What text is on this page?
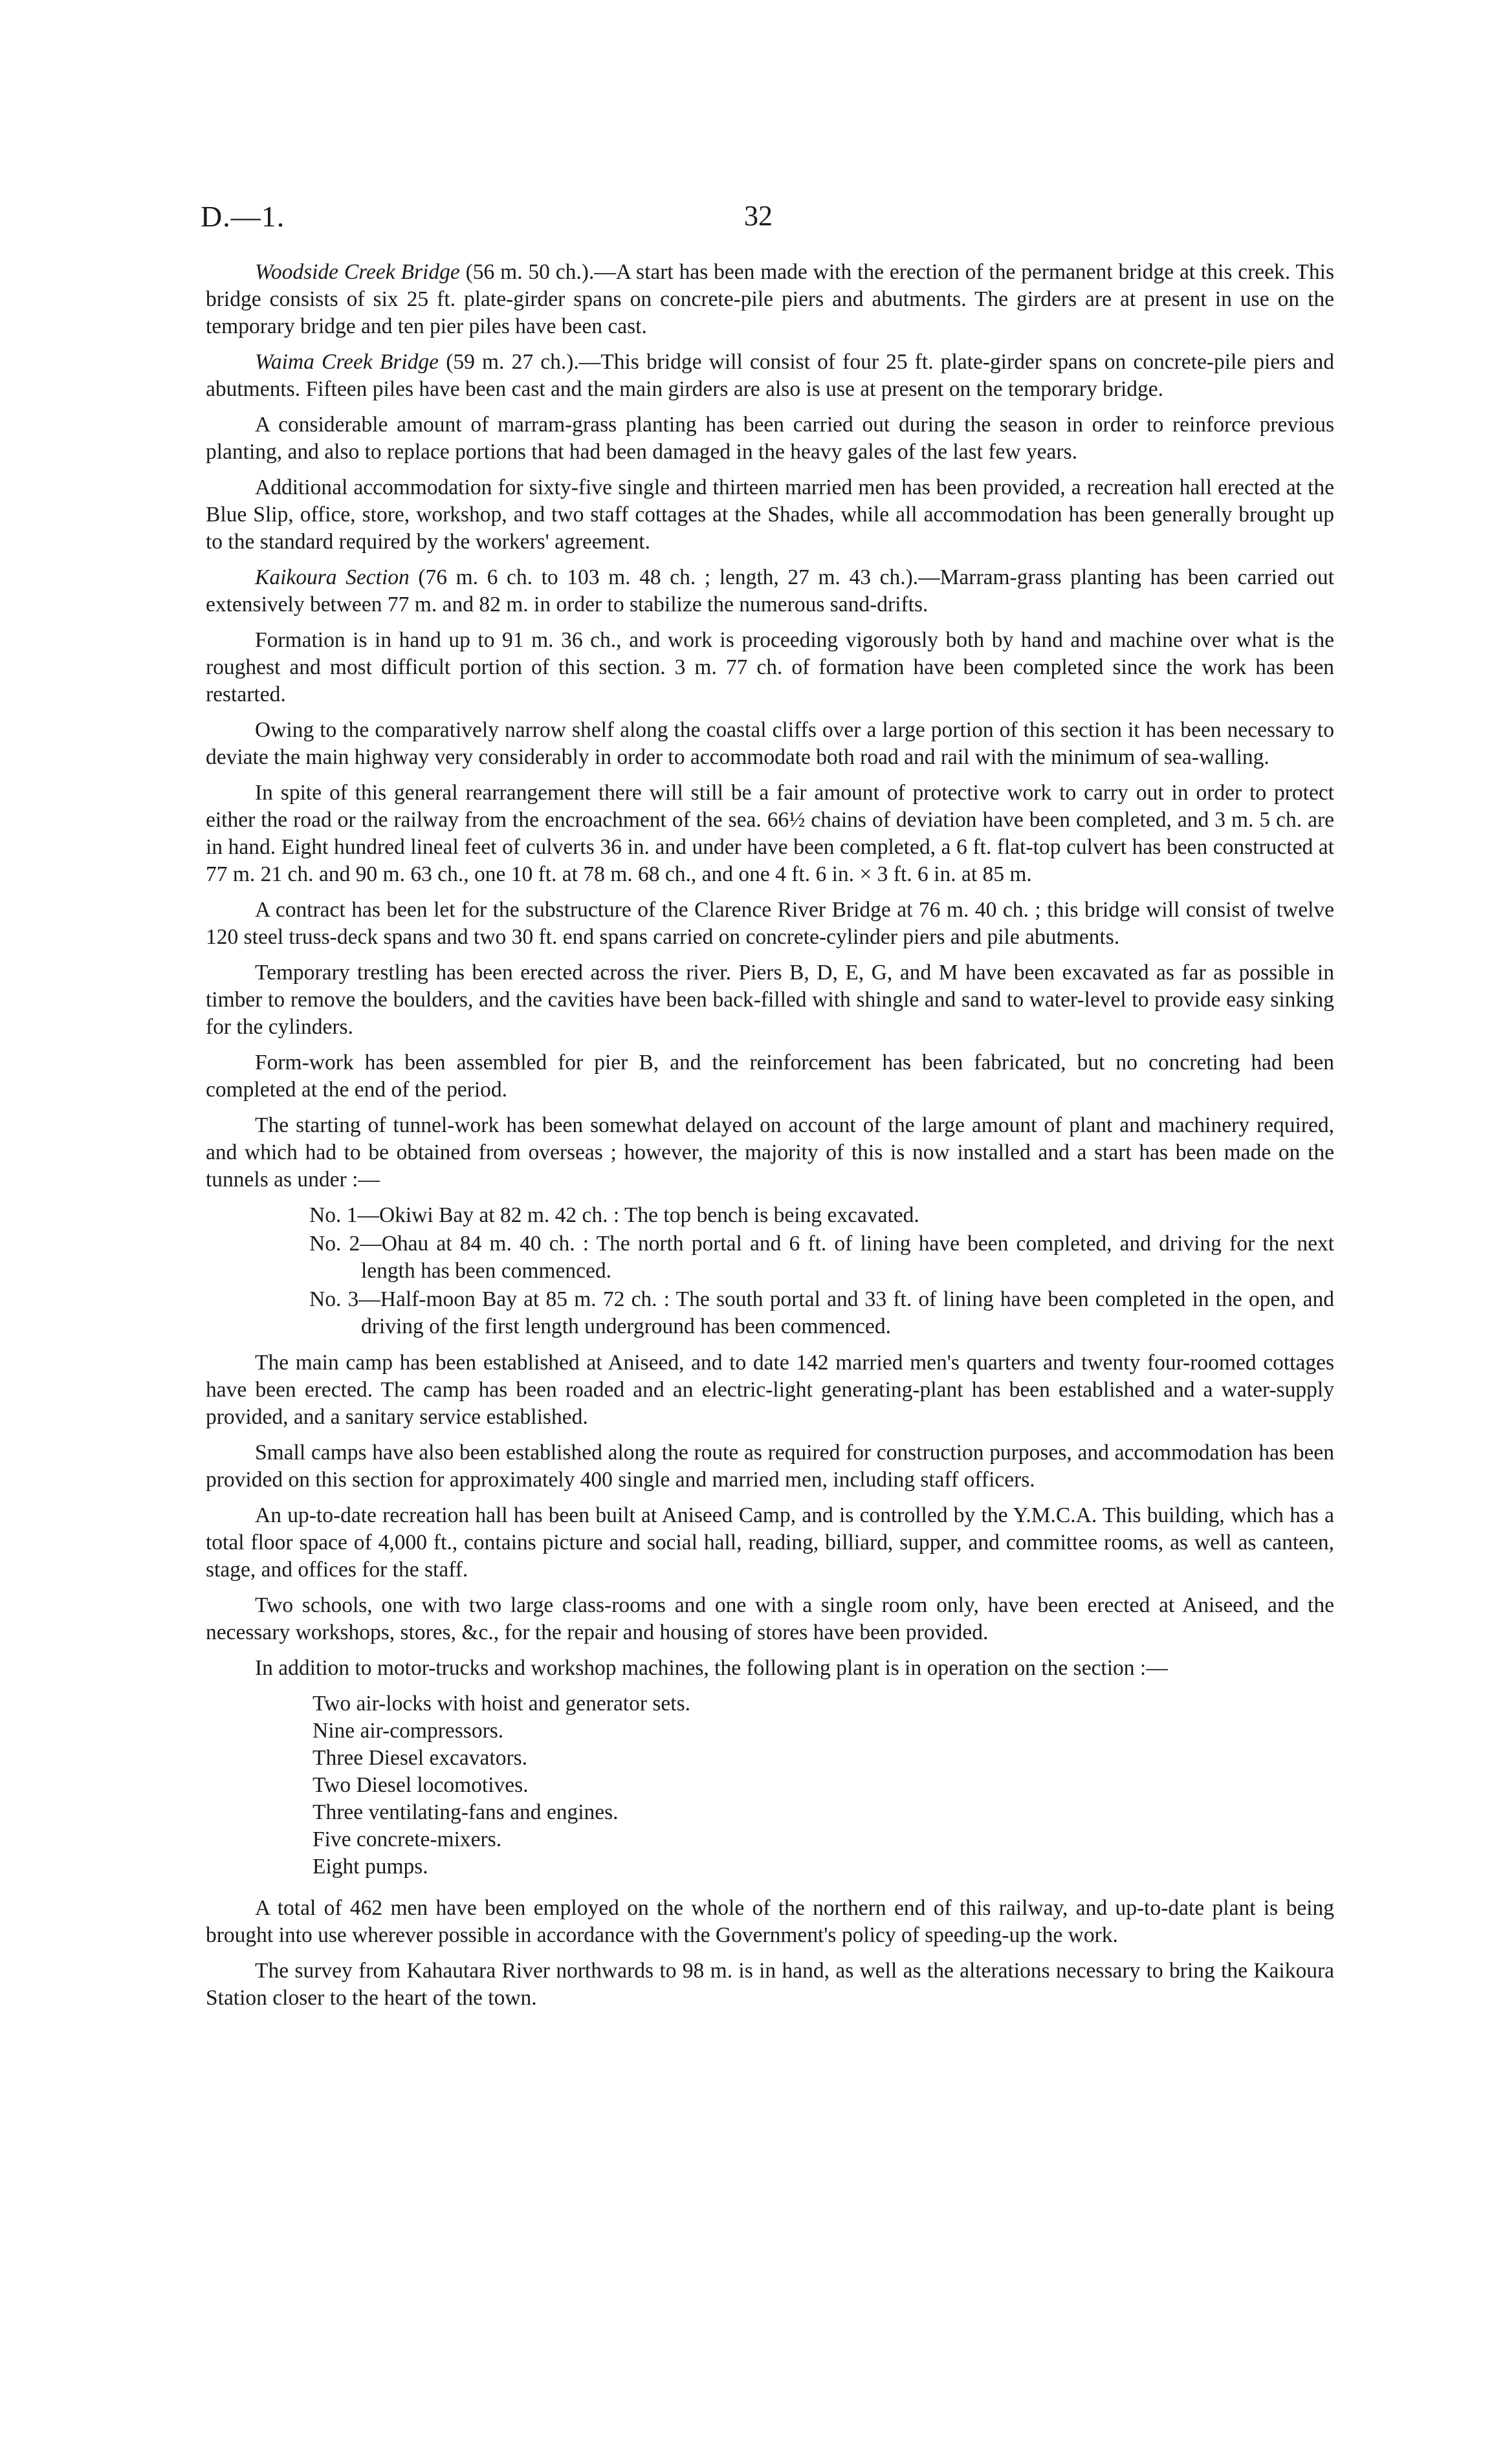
D.—1.	32

Woodside Creek Bridge (56 m. 50 ch.).—A start has been made with the erection of the permanent bridge at this creek. This bridge consists of six 25 ft. plate-girder spans on concrete-pile piers and abutments. The girders are at present in use on the temporary bridge and ten pier piles have been cast.

Waima Creek Bridge (59 m. 27 ch.).—This bridge will consist of four 25 ft. plate-girder spans on concrete-pile piers and abutments. Fifteen piles have been cast and the main girders are also is use at present on the temporary bridge.

A considerable amount of marram-grass planting has been carried out during the season in order to reinforce previous planting, and also to replace portions that had been damaged in the heavy gales of the last few years.

Additional accommodation for sixty-five single and thirteen married men has been provided, a recreation hall erected at the Blue Slip, office, store, workshop, and two staff cottages at the Shades, while all accommodation has been generally brought up to the standard required by the workers' agreement.

Kaikoura Section (76 m. 6 ch. to 103 m. 48 ch. ; length, 27 m. 43 ch.).—Marram-grass planting has been carried out extensively between 77 m. and 82 m. in order to stabilize the numerous sand-drifts.

Formation is in hand up to 91 m. 36 ch., and work is proceeding vigorously both by hand and machine over what is the roughest and most difficult portion of this section. 3 m. 77 ch. of formation have been completed since the work has been restarted.

Owing to the comparatively narrow shelf along the coastal cliffs over a large portion of this section it has been necessary to deviate the main highway very considerably in order to accommodate both road and rail with the minimum of sea-walling.

In spite of this general rearrangement there will still be a fair amount of protective work to carry out in order to protect either the road or the railway from the encroachment of the sea. 66½ chains of deviation have been completed, and 3 m. 5 ch. are in hand. Eight hundred lineal feet of culverts 36 in. and under have been completed, a 6 ft. flat-top culvert has been constructed at 77 m. 21 ch. and 90 m. 63 ch., one 10 ft. at 78 m. 68 ch., and one 4 ft. 6 in. × 3 ft. 6 in. at 85 m.

A contract has been let for the substructure of the Clarence River Bridge at 76 m. 40 ch. ; this bridge will consist of twelve 120 steel truss-deck spans and two 30 ft. end spans carried on concrete-cylinder piers and pile abutments.

Temporary trestling has been erected across the river. Piers B, D, E, G, and M have been excavated as far as possible in timber to remove the boulders, and the cavities have been back-filled with shingle and sand to water-level to provide easy sinking for the cylinders.

Form-work has been assembled for pier B, and the reinforcement has been fabricated, but no concreting had been completed at the end of the period.

The starting of tunnel-work has been somewhat delayed on account of the large amount of plant and machinery required, and which had to be obtained from overseas ; however, the majority of this is now installed and a start has been made on the tunnels as under :—

No. 1—Okiwi Bay at 82 m. 42 ch. : The top bench is being excavated.
No. 2—Ohau at 84 m. 40 ch. : The north portal and 6 ft. of lining have been completed, and driving for the next length has been commenced.
No. 3—Half-moon Bay at 85 m. 72 ch. : The south portal and 33 ft. of lining have been completed in the open, and driving of the first length underground has been commenced.

The main camp has been established at Aniseed, and to date 142 married men's quarters and twenty four-roomed cottages have been erected. The camp has been roaded and an electric-light generating-plant has been established and a water-supply provided, and a sanitary service established.

Small camps have also been established along the route as required for construction purposes, and accommodation has been provided on this section for approximately 400 single and married men, including staff officers.

An up-to-date recreation hall has been built at Aniseed Camp, and is controlled by the Y.M.C.A. This building, which has a total floor space of 4,000 ft., contains picture and social hall, reading, billiard, supper, and committee rooms, as well as canteen, stage, and offices for the staff.

Two schools, one with two large class-rooms and one with a single room only, have been erected at Aniseed, and the necessary workshops, stores, &c., for the repair and housing of stores have been provided.

In addition to motor-trucks and workshop machines, the following plant is in operation on the section :—

Two air-locks with hoist and generator sets.
Nine air-compressors.
Three Diesel excavators.
Two Diesel locomotives.
Three ventilating-fans and engines.
Five concrete-mixers.
Eight pumps.

A total of 462 men have been employed on the whole of the northern end of this railway, and up-to-date plant is being brought into use wherever possible in accordance with the Government's policy of speeding-up the work.

The survey from Kahautara River northwards to 98 m. is in hand, as well as the alterations necessary to bring the Kaikoura Station closer to the heart of the town.
